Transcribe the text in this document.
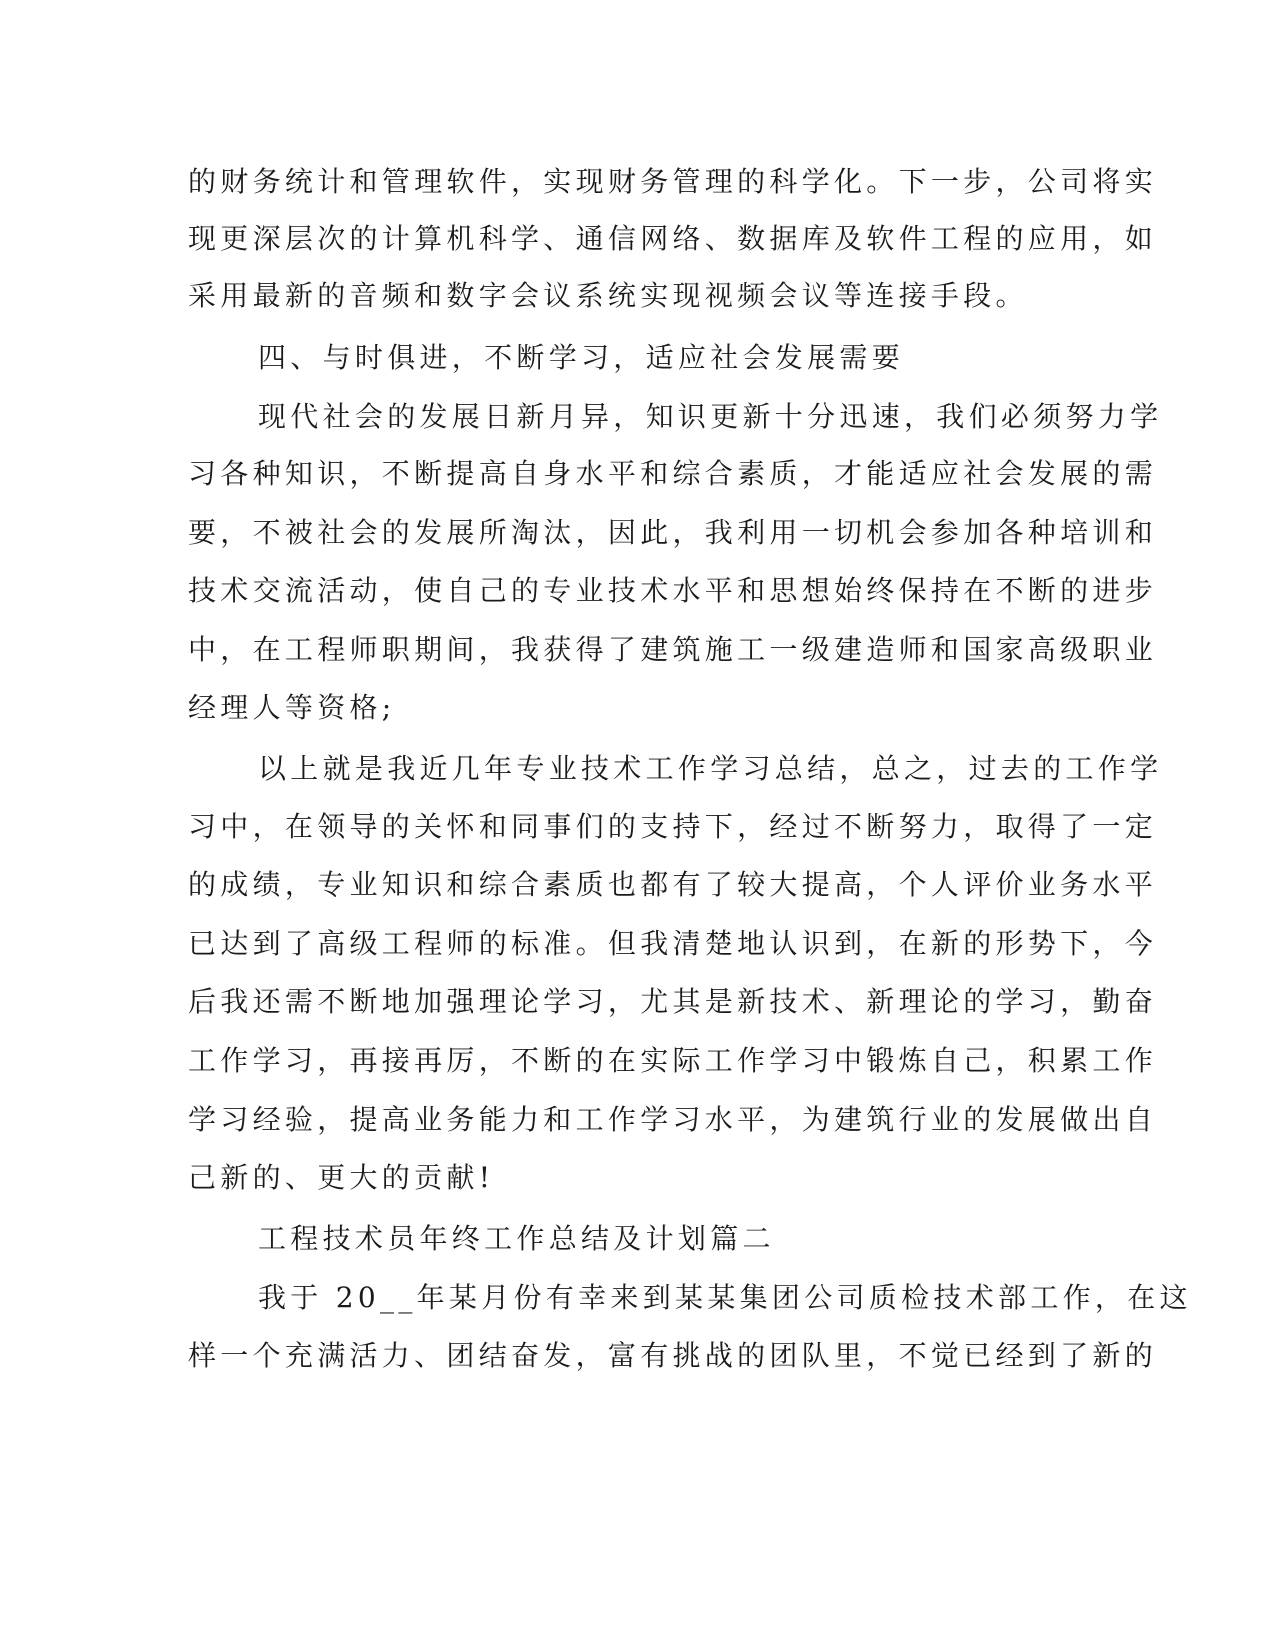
的财务统计和管理软件，实现财务管理的科学化。下一步，公司将实
现更深层次的计算机科学、通信网络、数据库及软件工程的应用，如
采用最新的音频和数字会议系统实现视频会议等连接手段。
四、与时俱进，不断学习，适应社会发展需要
现代社会的发展日新月异，知识更新十分迅速，我们必须努力学
习各种知识，不断提高自身水平和综合素质，才能适应社会发展的需
要，不被社会的发展所淘汰，因此，我利用一切机会参加各种培训和
技术交流活动，使自己的专业技术水平和思想始终保持在不断的进步
中，在工程师职期间，我获得了建筑施工一级建造师和国家高级职业
经理人等资格;
以上就是我近几年专业技术工作学习总结，总之，过去的工作学
习中，在领导的关怀和同事们的支持下，经过不断努力，取得了一定
的成绩，专业知识和综合素质也都有了较大提高，个人评价业务水平
已达到了高级工程师的标准。但我清楚地认识到，在新的形势下，今
后我还需不断地加强理论学习，尤其是新技术、新理论的学习，勤奋
工作学习，再接再厉，不断的在实际工作学习中锻炼自己，积累工作
学习经验，提高业务能力和工作学习水平，为建筑行业的发展做出自
己新的、更大的贡献!
工程技术员年终工作总结及计划篇二
我于 20__年某月份有幸来到某某集团公司质检技术部工作，在这
样一个充满活力、团结奋发，富有挑战的团队里，不觉已经到了新的
